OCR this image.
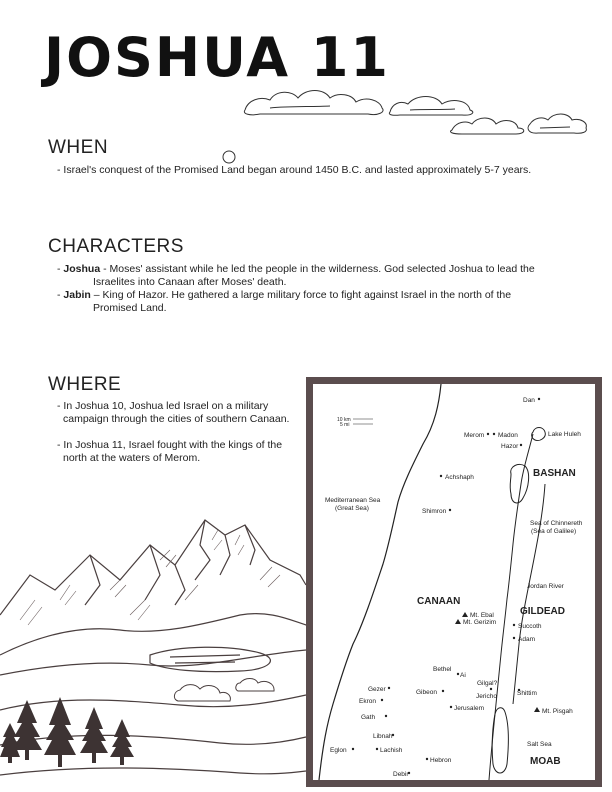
JOSHUA 11
WHEN
- Israel's conquest of the Promised Land began around 1450 B.C. and lasted approximately 5-7 years.
CHARACTERS
- Joshua - Moses' assistant while he led the people in the wilderness. God selected Joshua to lead the
Israelites into Canaan after Moses' death.
- Jabin – King of Hazor. He gathered a large military force to fight against Israel in the north of the
Promised Land.
WHERE
- In Joshua 10, Joshua led Israel on a military
campaign through the cities of southern Canaan.
- In Joshua 11, Israel fought with the kings of the
north at the waters of Merom.
10 km
5 mi
BASHAN
CANAAN
GILDEAD
MOAB
Mediterranean Sea
(Great Sea)
Lake Huleh
Sea of Chinnereth
(Sea of Galilee)
Jordan River
Salt Sea
Dan
Merom Madon
Hazor
Achshaph
Shimron
Mt. Ebal
Mt. Gerizim
Succoth
Adam
Bethel
Ai
Gilgal?
Gezer	Gibeon
Jericho
Ekron
Jerusalem
Shittim
Gath
Mt. Pisgah
Libnah
Eglon	Lachish
Hebron
Debir
